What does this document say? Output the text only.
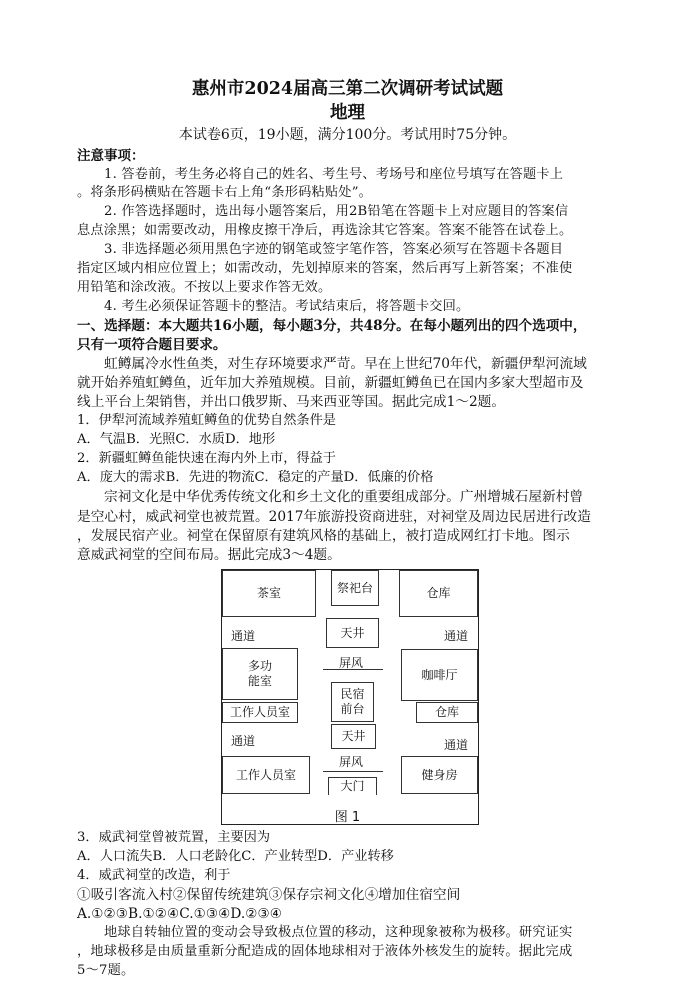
惠州市2024届高三第二次调研考试试题
地理
本试卷6页，19小题，满分100分。考试用时75分钟。
注意事项：
1. 答卷前，考生务必将自己的姓名、考生号、考场号和座位号填写在答题卡上
。将条形码横贴在答题卡右上角“条形码粘贴处”。
2. 作答选择题时，选出每小题答案后，用2B铅笔在答题卡上对应题目的答案信
息点涂黑；如需要改动，用橡皮擦干净后，再选涂其它答案。答案不能答在试卷上。
3. 非选择题必须用黑色字迹的钢笔或签字笔作答，答案必须写在答题卡各题目
指定区域内相应位置上；如需改动，先划掉原来的答案，然后再写上新答案；不准使
用铅笔和涂改液。不按以上要求作答无效。
4. 考生必须保证答题卡的整洁。考试结束后，将答题卡交回。
一、选择题：本大题共16小题，每小题3分，共48分。在每小题列出的四个选项中，
只有一项符合题目要求。
虹鳟属冷水性鱼类，对生存环境要求严苛。早在上世纪70年代，新疆伊犁河流域
就开始养殖虹鳟鱼，近年加大养殖规模。目前，新疆虹鳟鱼已在国内多家大型超市及
线上平台上架销售，并出口俄罗斯、马来西亚等国。据此完成1～2题。
1．伊犁河流域养殖虹鳟鱼的优势自然条件是
A．气温B．光照C．水质D．地形
2．新疆虹鳟鱼能快速在海内外上市，得益于
A．庞大的需求B．先进的物流C．稳定的产量D．低廉的价格
宗祠文化是中华优秀传统文化和乡土文化的重要组成部分。广州增城石屋新村曾
是空心村，威武祠堂也被荒置。2017年旅游投资商进驻，对祠堂及周边民居进行改造
，发展民宿产业。祠堂在保留原有建筑风格的基础上，被打造成网红打卡地。图示
意威武祠堂的空间布局。据此完成3～4题。
茶室	祭祀台	仓库
通道	通道
天井
屏风
多功
能室	咖啡厅
民宿
前台
工作人员室	仓库
通道	通道
天井
屏风
工作人员室	健身房
大门
图 1
3．威武祠堂曾被荒置，主要因为
A．人口流失B．人口老龄化C．产业转型D．产业转移
4．威武祠堂的改造，利于
①吸引客流入村②保留传统建筑③保存宗祠文化④增加住宿空间
A.①②③B.①②④C.①③④D.②③④
地球自转轴位置的变动会导致极点位置的移动，这种现象被称为极移。研究证实
，地球极移是由质量重新分配造成的固体地球相对于液体外核发生的旋转。据此完成
5～7题。
